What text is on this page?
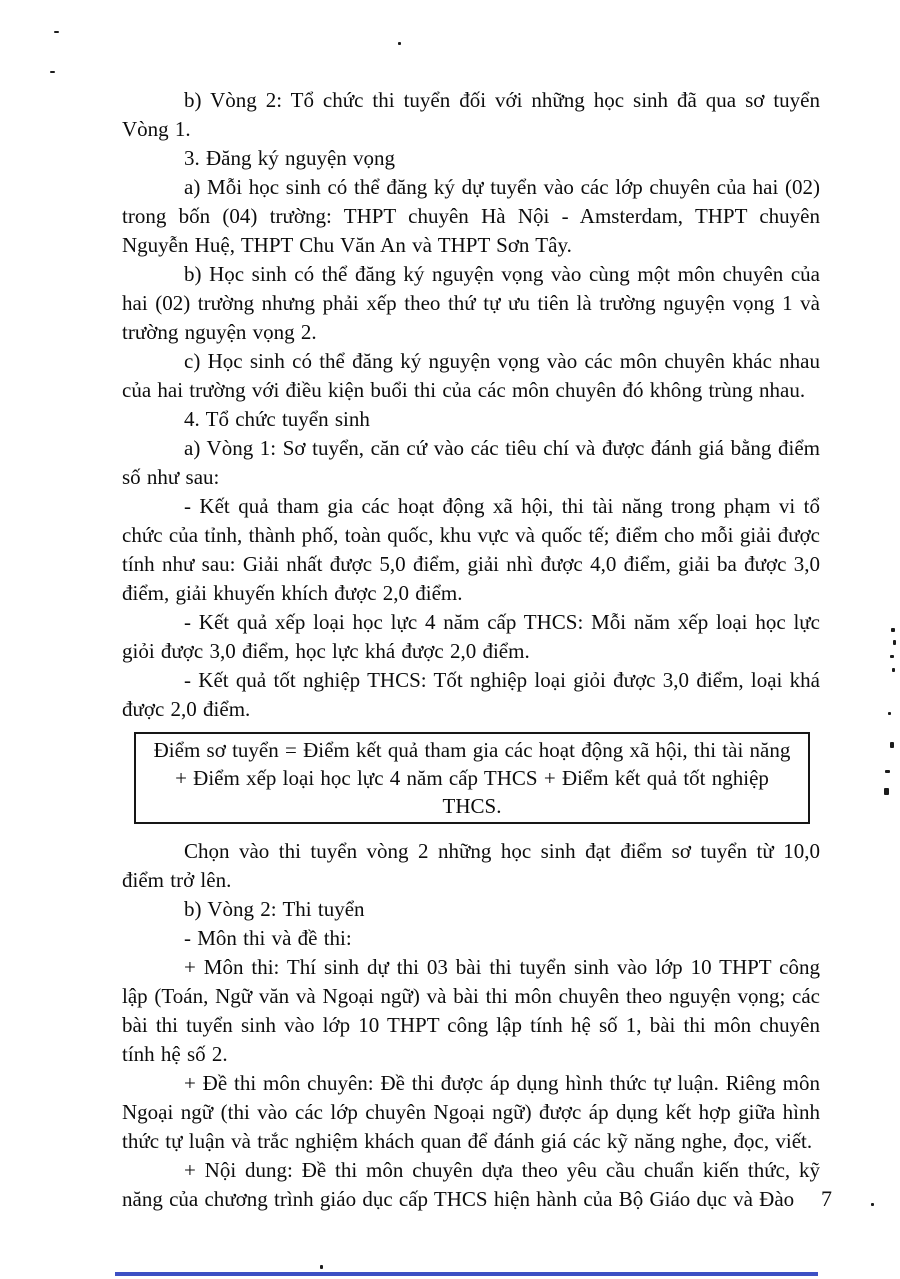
b) Vòng 2: Tổ chức thi tuyển đối với những học sinh đã qua sơ tuyển Vòng 1.

3. Đăng ký nguyện vọng

a) Mỗi học sinh có thể đăng ký dự tuyển vào các lớp chuyên của hai (02) trong bốn (04) trường: THPT chuyên Hà Nội - Amsterdam, THPT chuyên Nguyễn Huệ, THPT Chu Văn An và THPT Sơn Tây.

b) Học sinh có thể đăng ký nguyện vọng vào cùng một môn chuyên của hai (02) trường nhưng phải xếp theo thứ tự ưu tiên là trường nguyện vọng 1 và trường nguyện vọng 2.

c) Học sinh có thể đăng ký nguyện vọng vào các môn chuyên khác nhau của hai trường với điều kiện buổi thi của các môn chuyên đó không trùng nhau.

4. Tổ chức tuyển sinh

a) Vòng 1: Sơ tuyển, căn cứ vào các tiêu chí và được đánh giá bằng điểm số như sau:

- Kết quả tham gia các hoạt động xã hội, thi tài năng trong phạm vi tổ chức của tỉnh, thành phố, toàn quốc, khu vực và quốc tế; điểm cho mỗi giải được tính như sau: Giải nhất được 5,0 điểm, giải nhì được 4,0 điểm, giải ba được 3,0 điểm, giải khuyến khích được 2,0 điểm.

- Kết quả xếp loại học lực 4 năm cấp THCS: Mỗi năm xếp loại học lực giỏi được 3,0 điểm, học lực khá được 2,0 điểm.

- Kết quả tốt nghiệp THCS: Tốt nghiệp loại giỏi được 3,0 điểm, loại khá được 2,0 điểm.

Điểm sơ tuyển = Điểm kết quả tham gia các hoạt động xã hội, thi tài năng + Điểm xếp loại học lực 4 năm cấp THCS + Điểm kết quả tốt nghiệp THCS.

Chọn vào thi tuyển vòng 2 những học sinh đạt điểm sơ tuyển từ 10,0 điểm trở lên.

b) Vòng 2: Thi tuyển

- Môn thi và đề thi:

+ Môn thi: Thí sinh dự thi 03 bài thi tuyển sinh vào lớp 10 THPT công lập (Toán, Ngữ văn và Ngoại ngữ) và bài thi môn chuyên theo nguyện vọng; các bài thi tuyển sinh vào lớp 10 THPT công lập tính hệ số 1, bài thi môn chuyên tính hệ số 2.

+ Đề thi môn chuyên: Đề thi được áp dụng hình thức tự luận. Riêng môn Ngoại ngữ (thi vào các lớp chuyên Ngoại ngữ) được áp dụng kết hợp giữa hình thức tự luận và trắc nghiệm khách quan để đánh giá các kỹ năng nghe, đọc, viết.

+ Nội dung: Đề thi môn chuyên dựa theo yêu cầu chuẩn kiến thức, kỹ năng của chương trình giáo dục cấp THCS hiện hành của Bộ Giáo dục và Đào	7
